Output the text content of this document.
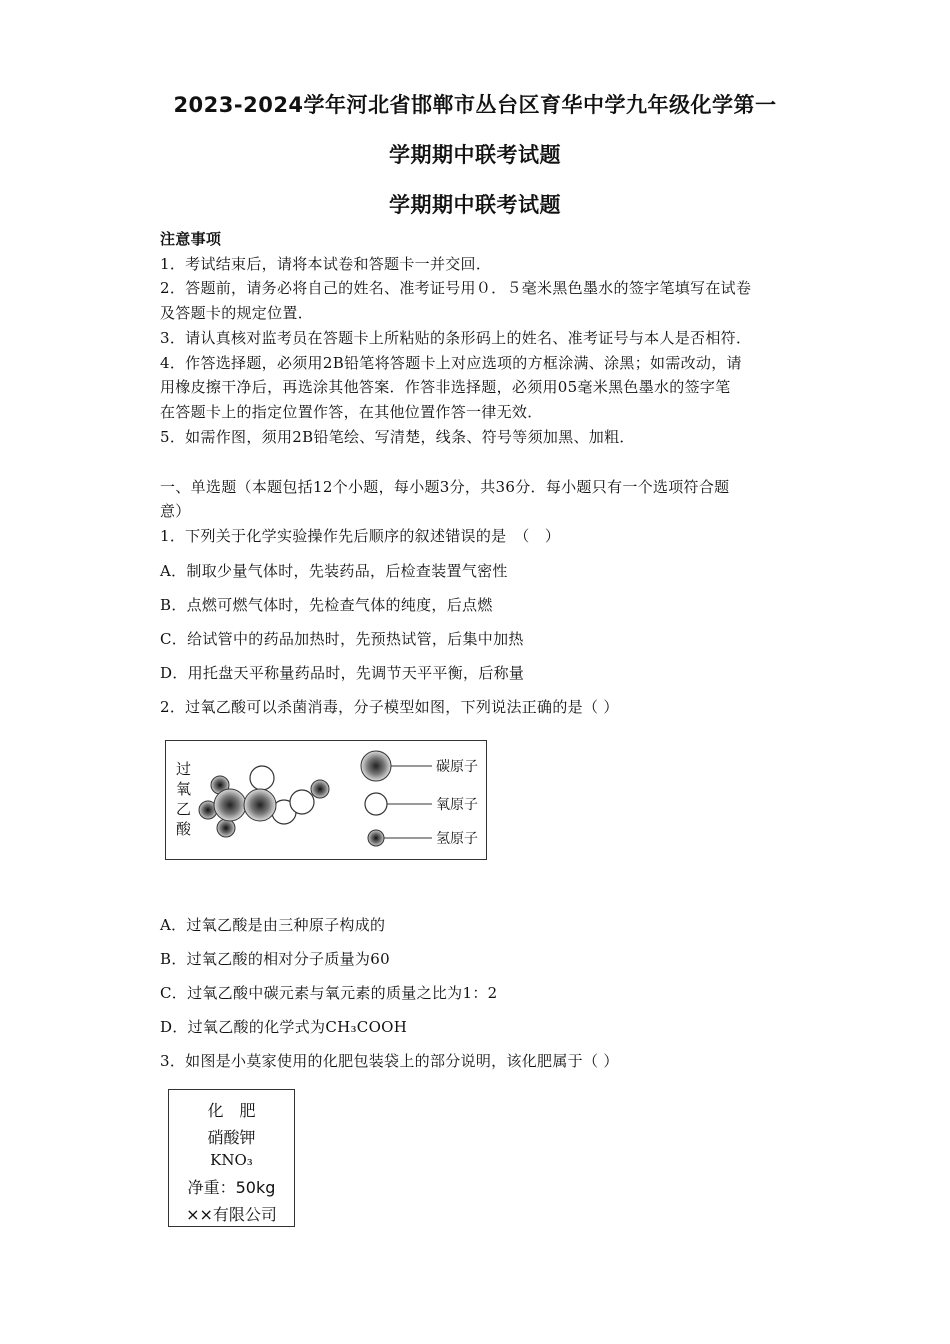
2023-2024学年河北省邯郸市丛台区育华中学九年级化学第一
学期期中联考试题
学期期中联考试题
注意事项
1．考试结束后，请将本试卷和答题卡一并交回．
2．答题前，请务必将自己的姓名、准考证号用０．５毫米黑色墨水的签字笔填写在试卷
及答题卡的规定位置．
3．请认真核对监考员在答题卡上所粘贴的条形码上的姓名、准考证号与本人是否相符．
4．作答选择题，必须用2B铅笔将答题卡上对应选项的方框涂满、涂黑；如需改动，请
用橡皮擦干净后，再选涂其他答案．作答非选择题，必须用05毫米黑色墨水的签字笔
在答题卡上的指定位置作答，在其他位置作答一律无效．
5．如需作图，须用2B铅笔绘、写清楚，线条、符号等须加黑、加粗．
一、单选题（本题包括12个小题，每小题3分，共36分．每小题只有一个选项符合题
意）
1．下列关于化学实验操作先后顺序的叙述错误的是　（　）
A．制取少量气体时，先装药品，后检查装置气密性
B．点燃可燃气体时，先检查气体的纯度，后点燃
C．给试管中的药品加热时，先预热试管，后集中加热
D．用托盘天平称量药品时，先调节天平平衡，后称量
2．过氧乙酸可以杀菌消毒，分子模型如图，下列说法正确的是（ ）
过
氧
乙
酸
碳原子
氧原子
氢原子
A．过氧乙酸是由三种原子构成的
B．过氧乙酸的相对分子质量为60
C．过氧乙酸中碳元素与氧元素的质量之比为1：2
D．过氧乙酸的化学式为CH₃COOH
3．如图是小莫家使用的化肥包装袋上的部分说明，该化肥属于（ ）
化　肥
硝酸钾
KNO₃
净重：50kg
××有限公司
